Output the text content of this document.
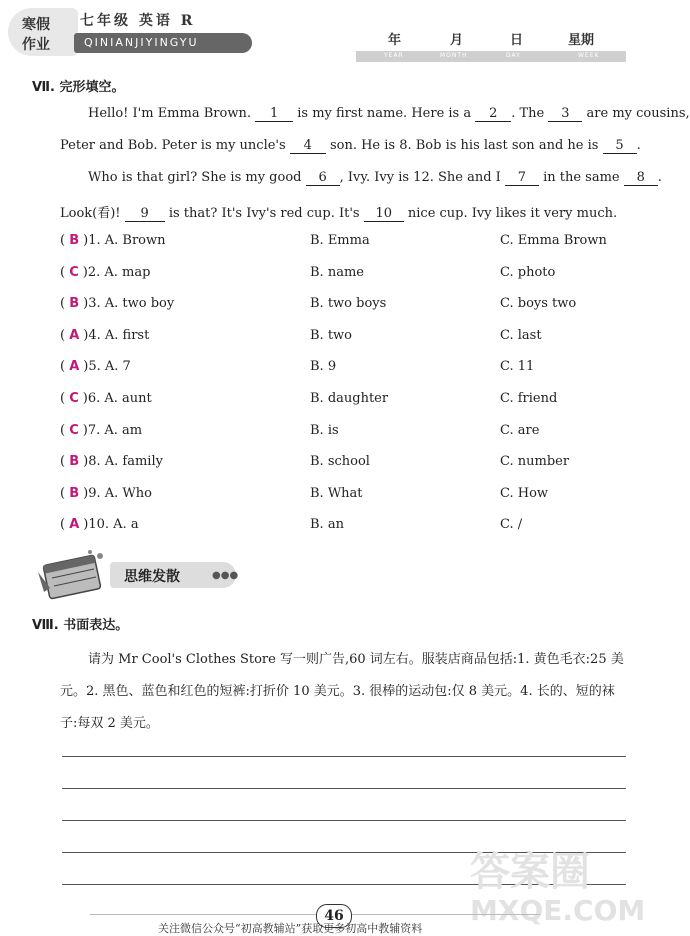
寒假
作业
七年级 英语 R
QINIANJIYINGYU	年	月	日	星期
YEAR	MONTH	DAY	WEEK
Ⅶ. 完形填空。
Hello! I'm Emma Brown. 1 is my first name. Here is a 2 . The 3 are my cousins,
Peter and Bob. Peter is my uncle's 4 son. He is 8. Bob is his last son and he is 5 .
Who is that girl? She is my good 6 , Ivy. Ivy is 12. She and I 7 in the same 8 .
Look(看)! 9 is that? It's Ivy's red cup. It's 10 nice cup. Ivy likes it very much.
( B )1. A. Brown	B. Emma	C. Emma Brown
( C )2. A. map	B. name	C. photo
( B )3. A. two boy	B. two boys	C. boys two
( A )4. A. first	B. two	C. last
( A )5. A. 7	B. 9	C. 11
( C )6. A. aunt	B. daughter	C. friend
( C )7. A. am	B. is	C. are
( B )8. A. family	B. school	C. number
( B )9. A. Who	B. What	C. How
( A )10. A. a	B. an	C. /
思维发散	●●●
Ⅷ. 书面表达。
请为 Mr Cool's Clothes Store 写一则广告,60 词左右。服装店商品包括:1. 黄色毛衣:25 美
元。2. 黑色、蓝色和红色的短裤:打折价 10 美元。3. 很棒的运动包:仅 8 美元。4. 长的、短的袜
子:每双 2 美元。
答案圈
MXQE.COM
46
关注微信公众号“初高教辅站”获取更多初高中教辅资料
